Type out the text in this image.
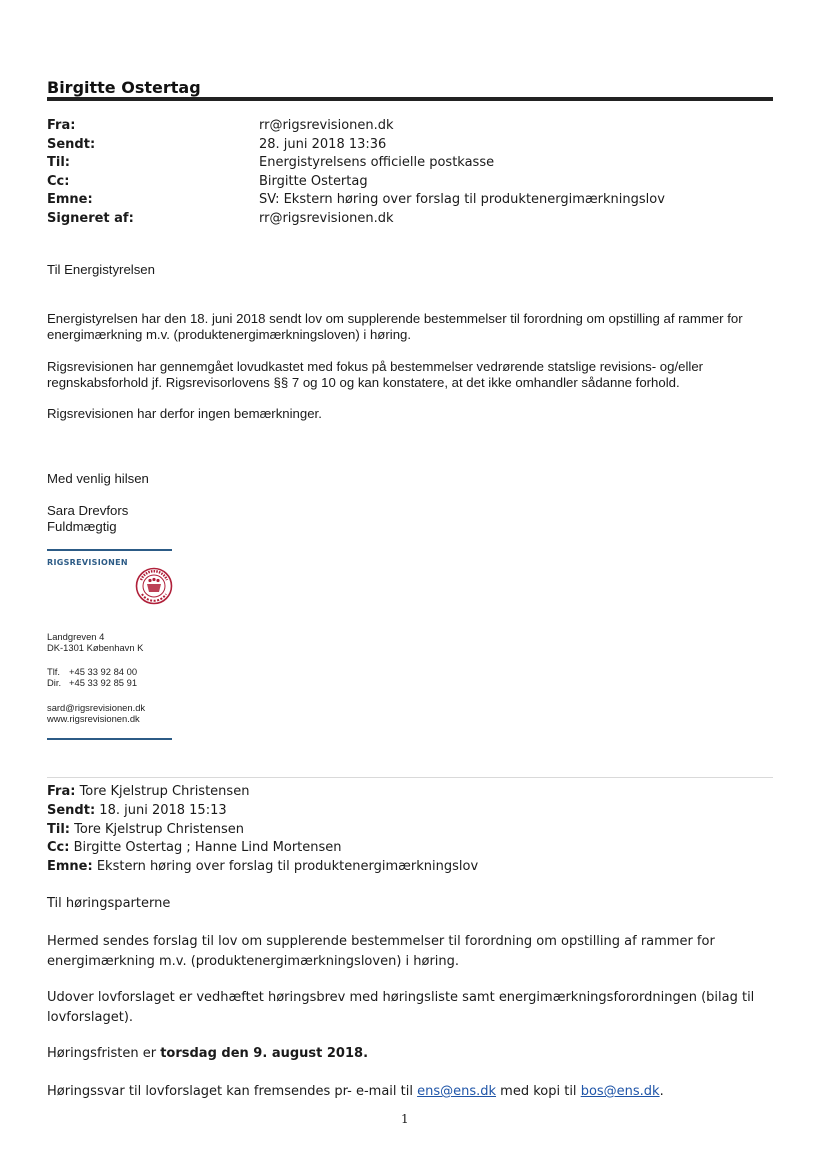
Birgitte Ostertag
Fra:	rr@rigsrevisionen.dk
Sendt:	28. juni 2018 13:36
Til:	Energistyrelsens officielle postkasse
Cc:	Birgitte Ostertag
Emne:	SV: Ekstern høring over forslag til produktenergimærkningslov
Signeret af:	rr@rigsrevisionen.dk
Til Energistyrelsen
Energistyrelsen har den 18. juni 2018 sendt lov om supplerende bestemmelser til forordning om opstilling af rammer for energimærkning m.v. (produktenergimærkningsloven) i høring.
Rigsrevisionen har gennemgået lovudkastet med fokus på bestemmelser vedrørende statslige revisions- og/eller regnskabsforhold jf. Rigsrevisorlovens §§ 7 og 10 og kan konstatere, at det ikke omhandler sådanne forhold.
Rigsrevisionen har derfor ingen bemærkninger.
Med venlig hilsen
Sara Drevfors
Fuldmægtig
RIGSREVISIONEN
Landgreven 4
DK-1301 København K
Tlf. +45 33 92 84 00
Dir. +45 33 92 85 91
sard@rigsrevisionen.dk
www.rigsrevisionen.dk
Fra: Tore Kjelstrup Christensen
Sendt: 18. juni 2018 15:13
Til: Tore Kjelstrup Christensen
Cc: Birgitte Ostertag ; Hanne Lind Mortensen
Emne: Ekstern høring over forslag til produktenergimærkningslov
Til høringsparterne
Hermed sendes forslag til lov om supplerende bestemmelser til forordning om opstilling af rammer for energimærkning m.v. (produktenergimærkningsloven) i høring.
Udover lovforslaget er vedhæftet høringsbrev med høringsliste samt energimærkningsforordningen (bilag til lovforslaget).
Høringsfristen er torsdag den 9. august 2018.
Høringssvar til lovforslaget kan fremsendes pr- e-mail til ens@ens.dk med kopi til bos@ens.dk.
1
